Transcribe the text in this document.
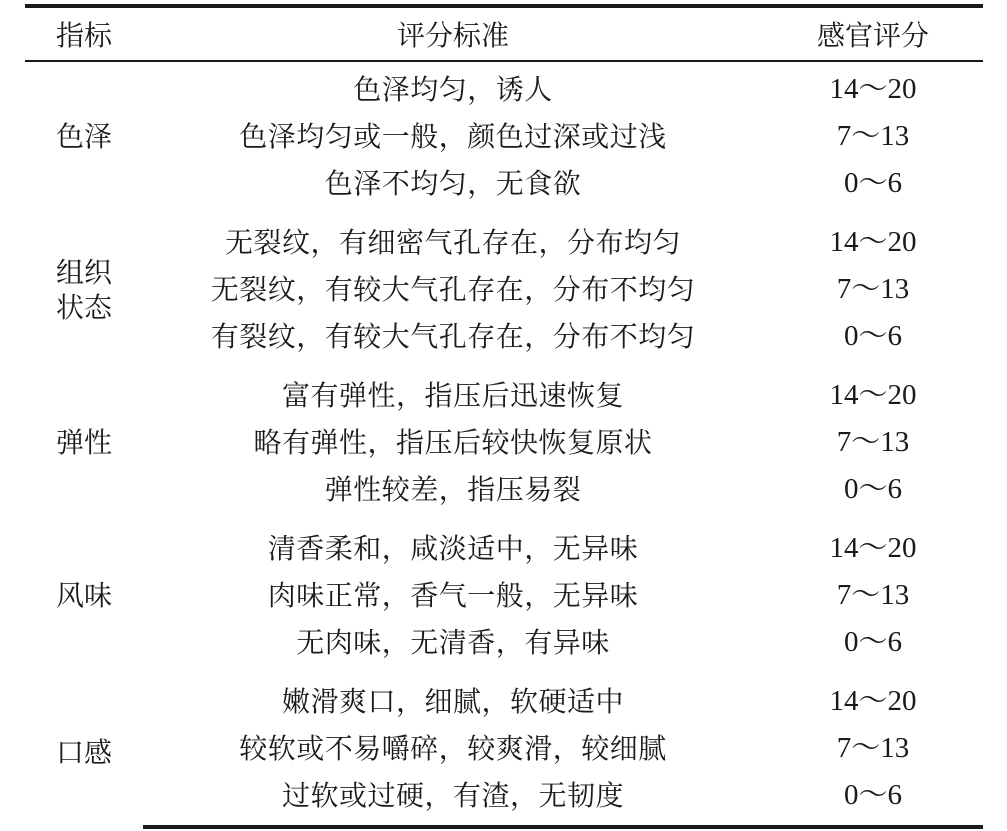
指标	评分标准	感官评分
色泽	色泽均匀，诱人	14～20
	色泽均匀或一般，颜色过深或过浅	7～13
	色泽不均匀，无食欲	0～6
组织状态	无裂纹，有细密气孔存在，分布均匀	14～20
	无裂纹，有较大气孔存在，分布不均匀	7～13
	有裂纹，有较大气孔存在，分布不均匀	0～6
弹性	富有弹性，指压后迅速恢复	14～20
	略有弹性，指压后较快恢复原状	7～13
	弹性较差，指压易裂	0～6
风味	清香柔和，咸淡适中，无异味	14～20
	肉味正常，香气一般，无异味	7～13
	无肉味，无清香，有异味	0～6
口感	嫩滑爽口，细腻，软硬适中	14～20
	较软或不易嚼碎，较爽滑，较细腻	7～13
	过软或过硬，有渣，无韧度	0～6
